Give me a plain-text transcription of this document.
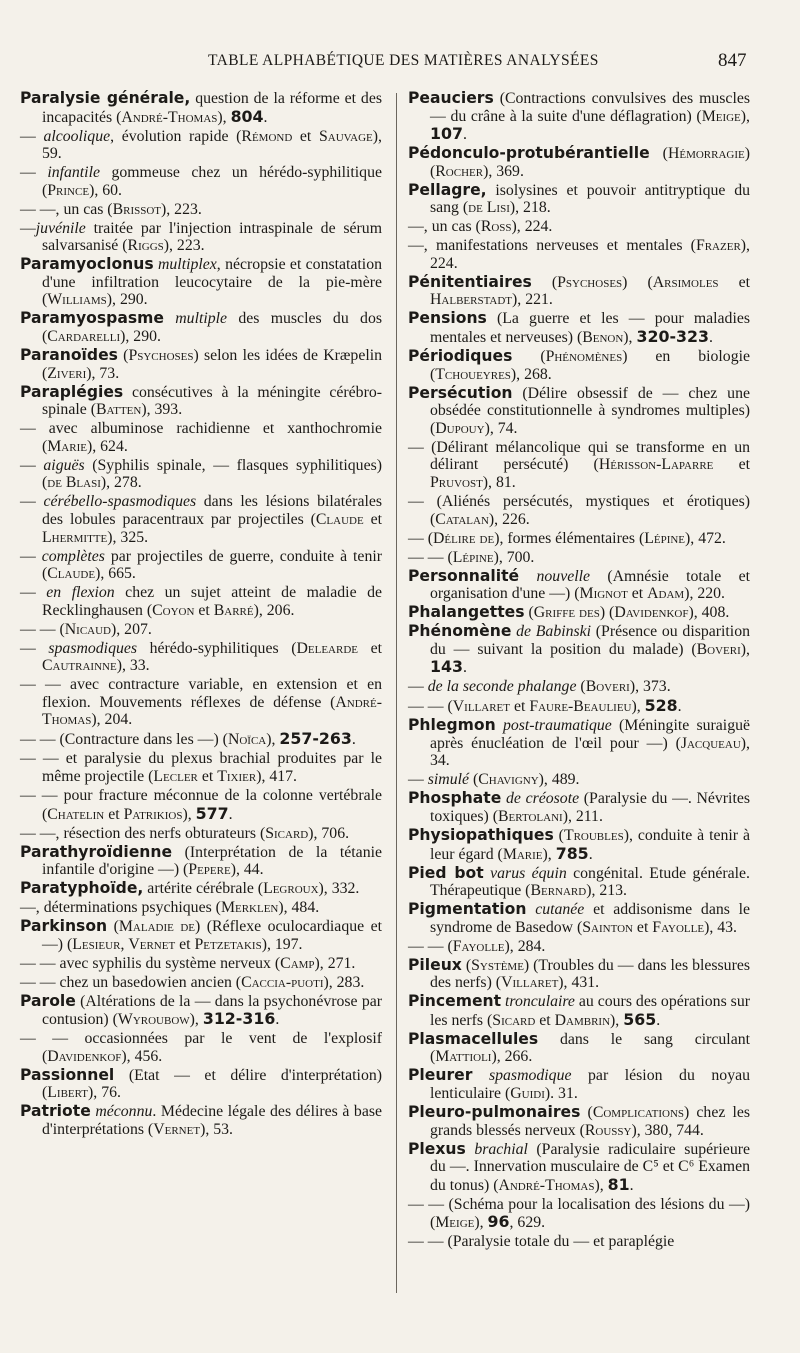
TABLE ALPHABÉTIQUE DES MATIÈRES ANALYSÉES	847

Paralysie générale, question de la réforme et des incapacités (André-Thomas), 804.

— alcoolique, évolution rapide (Rémond et Sauvage), 59.

— infantile gommeuse chez un hérédo-syphilitique (Prince), 60.

— —, un cas (Brissot), 223.

—juvénile traitée par l'injection intraspinale de sérum salvarsanisé (Riggs), 223.

Paramyoclonus multiplex, nécropsie et constatation d'une infiltration leucocytaire de la pie-mère (Williams), 290.

Paramyospasme multiple des muscles du dos (Cardarelli), 290.

Paranoïdes (Psychoses) selon les idées de Kræpelin (Ziveri), 73.

Paraplégies consécutives à la méningite cérébro-spinale (Batten), 393.

— avec albuminose rachidienne et xanthochromie (Marie), 624.

— aiguës (Syphilis spinale, — flasques syphilitiques) (de Blasi), 278.

— cérébello-spasmodiques dans les lésions bilatérales des lobules paracentraux par projectiles (Claude et Lhermitte), 325.

— complètes par projectiles de guerre, conduite à tenir (Claude), 665.

— en flexion chez un sujet atteint de maladie de Recklinghausen (Coyon et Barré), 206.

— — (Nicaud), 207.

— spasmodiques hérédo-syphilitiques (Delearde et Cautrainne), 33.

— — avec contracture variable, en extension et en flexion. Mouvements réflexes de défense (André-Thomas), 204.

— — (Contracture dans les —) (Noïca), 257-263.

— — et paralysie du plexus brachial produites par le même projectile (Lecler et Tixier), 417.

— — pour fracture méconnue de la colonne vertébrale (Chatelin et Patrikios), 577.

— —, résection des nerfs obturateurs (Sicard), 706.

Parathyroïdienne (Interprétation de la tétanie infantile d'origine —) (Pepere), 44.

Paratyphoïde, artérite cérébrale (Legroux), 332.

—, déterminations psychiques (Merklen), 484.

Parkinson (Maladie de) (Réflexe oculocardiaque et —) (Lesieur, Vernet et Petzetakis), 197.

— — avec syphilis du système nerveux (Camp), 271.

— — chez un basedowien ancien (Caccia-puoti), 283.

Parole (Altérations de la — dans la psychonévrose par contusion) (Wyroubow), 312-316.

— — occasionnées par le vent de l'explosif (Davidenkof), 456.

Passionnel (Etat — et délire d'interprétation) (Libert), 76.

Patriote méconnu. Médecine légale des délires à base d'interprétations (Vernet), 53.

Peauciers (Contractions convulsives des muscles — du crâne à la suite d'une déflagration) (Meige), 107.

Pédonculo-protubérantielle (Hémorragie) (Rocher), 369.

Pellagre, isolysines et pouvoir antitryptique du sang (de Lisi), 218.

—, un cas (Ross), 224.

—, manifestations nerveuses et mentales (Frazer), 224.

Pénitentiaires (Psychoses) (Arsimoles et Halberstadt), 221.

Pensions (La guerre et les — pour maladies mentales et nerveuses) (Benon), 320-323.

Périodiques (Phénomènes) en biologie (Tchoueyres), 268.

Persécution (Délire obsessif de — chez une obsédée constitutionnelle à syndromes multiples) (Dupouy), 74.

— (Délirant mélancolique qui se transforme en un délirant persécuté) (Hérisson-Laparre et Pruvost), 81.

— (Aliénés persécutés, mystiques et érotiques) (Catalan), 226.

— (Délire de), formes élémentaires (Lépine), 472.

— — (Lépine), 700.

Personnalité nouvelle (Amnésie totale et organisation d'une —) (Mignot et Adam), 220.

Phalangettes (Griffe des) (Davidenkof), 408.

Phénomène de Babinski (Présence ou disparition du — suivant la position du malade) (Boveri), 143.

— de la seconde phalange (Boveri), 373.

— — (Villaret et Faure-Beaulieu), 528.

Phlegmon post-traumatique (Méningite suraiguë après énucléation de l'œil pour —) (Jacqueau), 34.

— simulé (Chavigny), 489.

Phosphate de créosote (Paralysie du —. Névrites toxiques) (Bertolani), 211.

Physiopathiques (Troubles), conduite à tenir à leur égard (Marie), 785.

Pied bot varus équin congénital. Etude générale. Thérapeutique (Bernard), 213.

Pigmentation cutanée et addisonisme dans le syndrome de Basedow (Sainton et Fayolle), 43.

— — (Fayolle), 284.

Pileux (Système) (Troubles du — dans les blessures des nerfs) (Villaret), 431.

Pincement tronculaire au cours des opérations sur les nerfs (Sicard et Dambrin), 565.

Plasmacellules dans le sang circulant (Mattioli), 266.

Pleurer spasmodique par lésion du noyau lenticulaire (Guidi). 31.

Pleuro-pulmonaires (Complications) chez les grands blessés nerveux (Roussy), 380, 744.

Plexus brachial (Paralysie radiculaire supérieure du —. Innervation musculaire de C⁵ et C⁶ Examen du tonus) (André-Thomas), 81.

— — (Schéma pour la localisation des lésions du —) (Meige), 96, 629.

— — (Paralysie totale du — et paraplégie
